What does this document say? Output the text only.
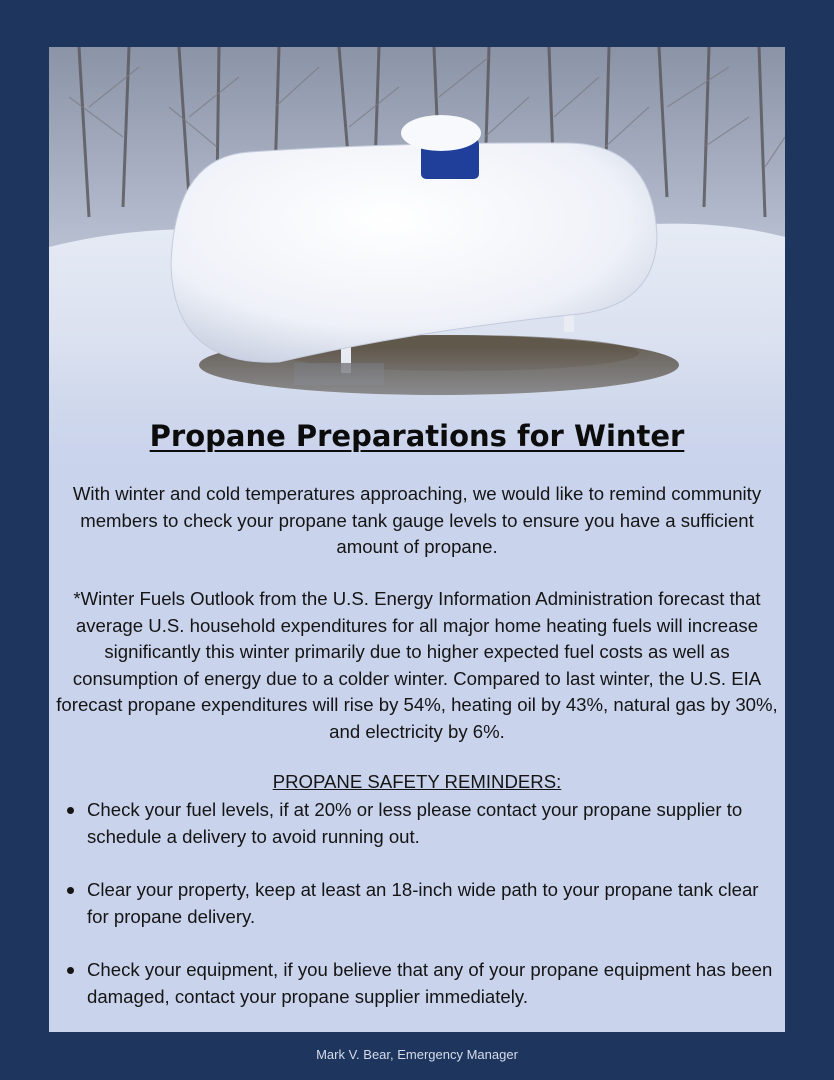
Propane Preparations for Winter

With winter and cold temperatures approaching, we would like to remind community members to check your propane tank gauge levels to ensure you have a sufficient amount of propane.

*Winter Fuels Outlook from the U.S. Energy Information Administration forecast that average U.S. household expenditures for all major home heating fuels will increase significantly this winter primarily due to higher expected fuel costs as well as consumption of energy due to a colder winter. Compared to last winter, the U.S. EIA forecast propane expenditures will rise by 54%, heating oil by 43%, natural gas by 30%, and electricity by 6%.

PROPANE SAFETY REMINDERS:

Check your fuel levels, if at 20% or less please contact your propane supplier to schedule a delivery to avoid running out.
Clear your property, keep at least an 18-inch wide path to your propane tank clear for propane delivery.
Check your equipment, if you believe that any of your propane equipment has been damaged, contact your propane supplier immediately.

Mark V. Bear, Emergency Manager
